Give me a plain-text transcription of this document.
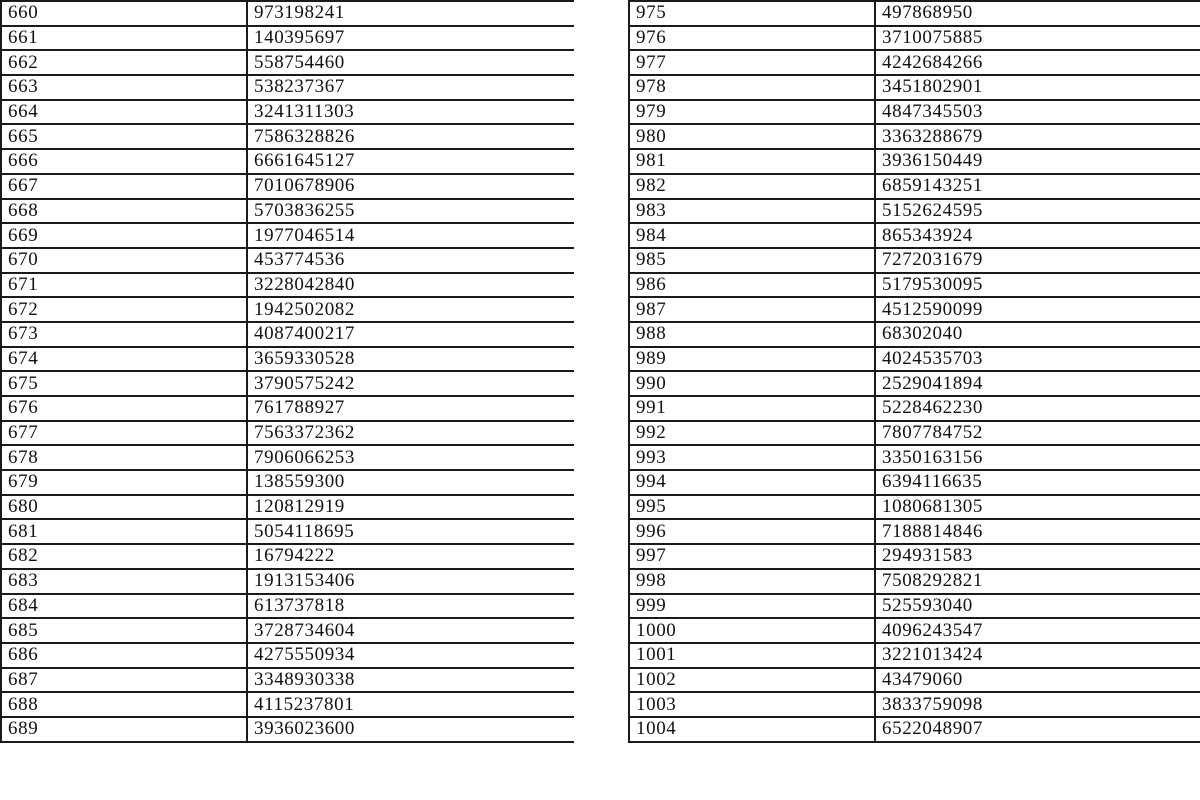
660	973198241
661	140395697
662	558754460
663	538237367
664	3241311303
665	7586328826
666	6661645127
667	7010678906
668	5703836255
669	1977046514
670	453774536
671	3228042840
672	1942502082
673	4087400217
674	3659330528
675	3790575242
676	761788927
677	7563372362
678	7906066253
679	138559300
680	120812919
681	5054118695
682	16794222
683	1913153406
684	613737818
685	3728734604
686	4275550934
687	3348930338
688	4115237801
689	3936023600
975	497868950
976	3710075885
977	4242684266
978	3451802901
979	4847345503
980	3363288679
981	3936150449
982	6859143251
983	5152624595
984	865343924
985	7272031679
986	5179530095
987	4512590099
988	68302040
989	4024535703
990	2529041894
991	5228462230
992	7807784752
993	3350163156
994	6394116635
995	1080681305
996	7188814846
997	294931583
998	7508292821
999	525593040
1000	4096243547
1001	3221013424
1002	43479060
1003	3833759098
1004	6522048907
